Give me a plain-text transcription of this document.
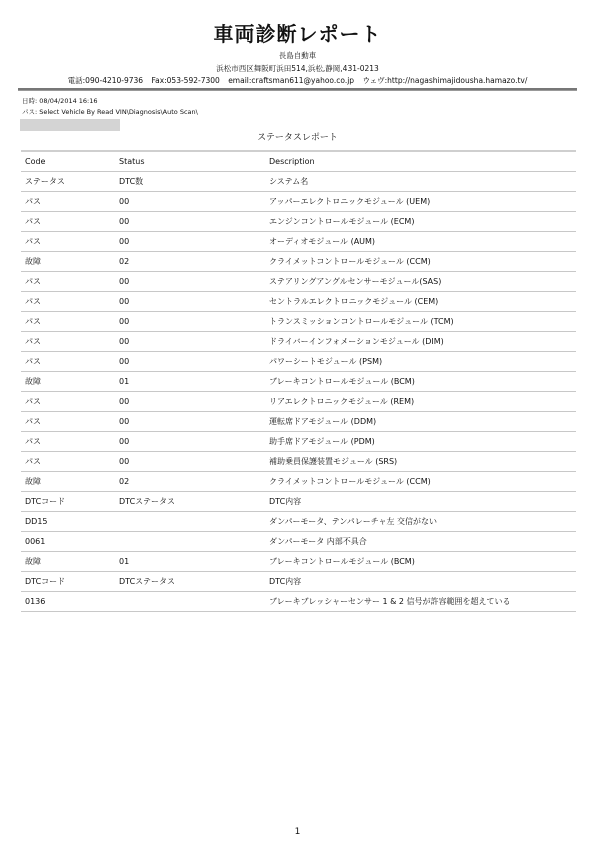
車両診断レポート
長島自動車
浜松市西区舞阪町浜田514,浜松,静岡,431-0213
電話:090-4210-9736 Fax:053-592-7300 email:craftsman611@yahoo.co.jp ウェヴ:http://nagashimajidousha.hamazo.tv/
日時: 08/04/2014 16:16
パス: Select Vehicle By Read VIN\Diagnosis\Auto Scan\
ステータスレポート
Code	Status	Description
ステータス	DTC数	システム名
パス	00	アッパーエレクトロニックモジュール (UEM)
パス	00	エンジンコントロールモジュール (ECM)
パス	00	オーディオモジュール (AUM)
故障	02	クライメットコントロールモジュール (CCM)
パス	00	ステアリングアングルセンサーモジュール(SAS)
パス	00	セントラルエレクトロニックモジュール (CEM)
パス	00	トランスミッションコントロールモジュール (TCM)
パス	00	ドライバーインフォメーションモジュール (DIM)
パス	00	パワーシートモジュール (PSM)
故障	01	ブレーキコントロールモジュール (BCM)
パス	00	リアエレクトロニックモジュール (REM)
パス	00	運転席ドアモジュール (DDM)
パス	00	助手席ドアモジュール (PDM)
パス	00	補助乗員保護装置モジュール (SRS)
故障	02	クライメットコントロールモジュール (CCM)
DTCコード	DTCステータス	DTC内容
DD15		ダンパーモータ、テンパレーチャ左 交信がない
0061		ダンパーモータ 内部不具合
故障	01	ブレーキコントロールモジュール (BCM)
DTCコード	DTCステータス	DTC内容
0136		ブレーキブレッシャーセンサー 1 & 2 信号が許容範囲を超えている
1
